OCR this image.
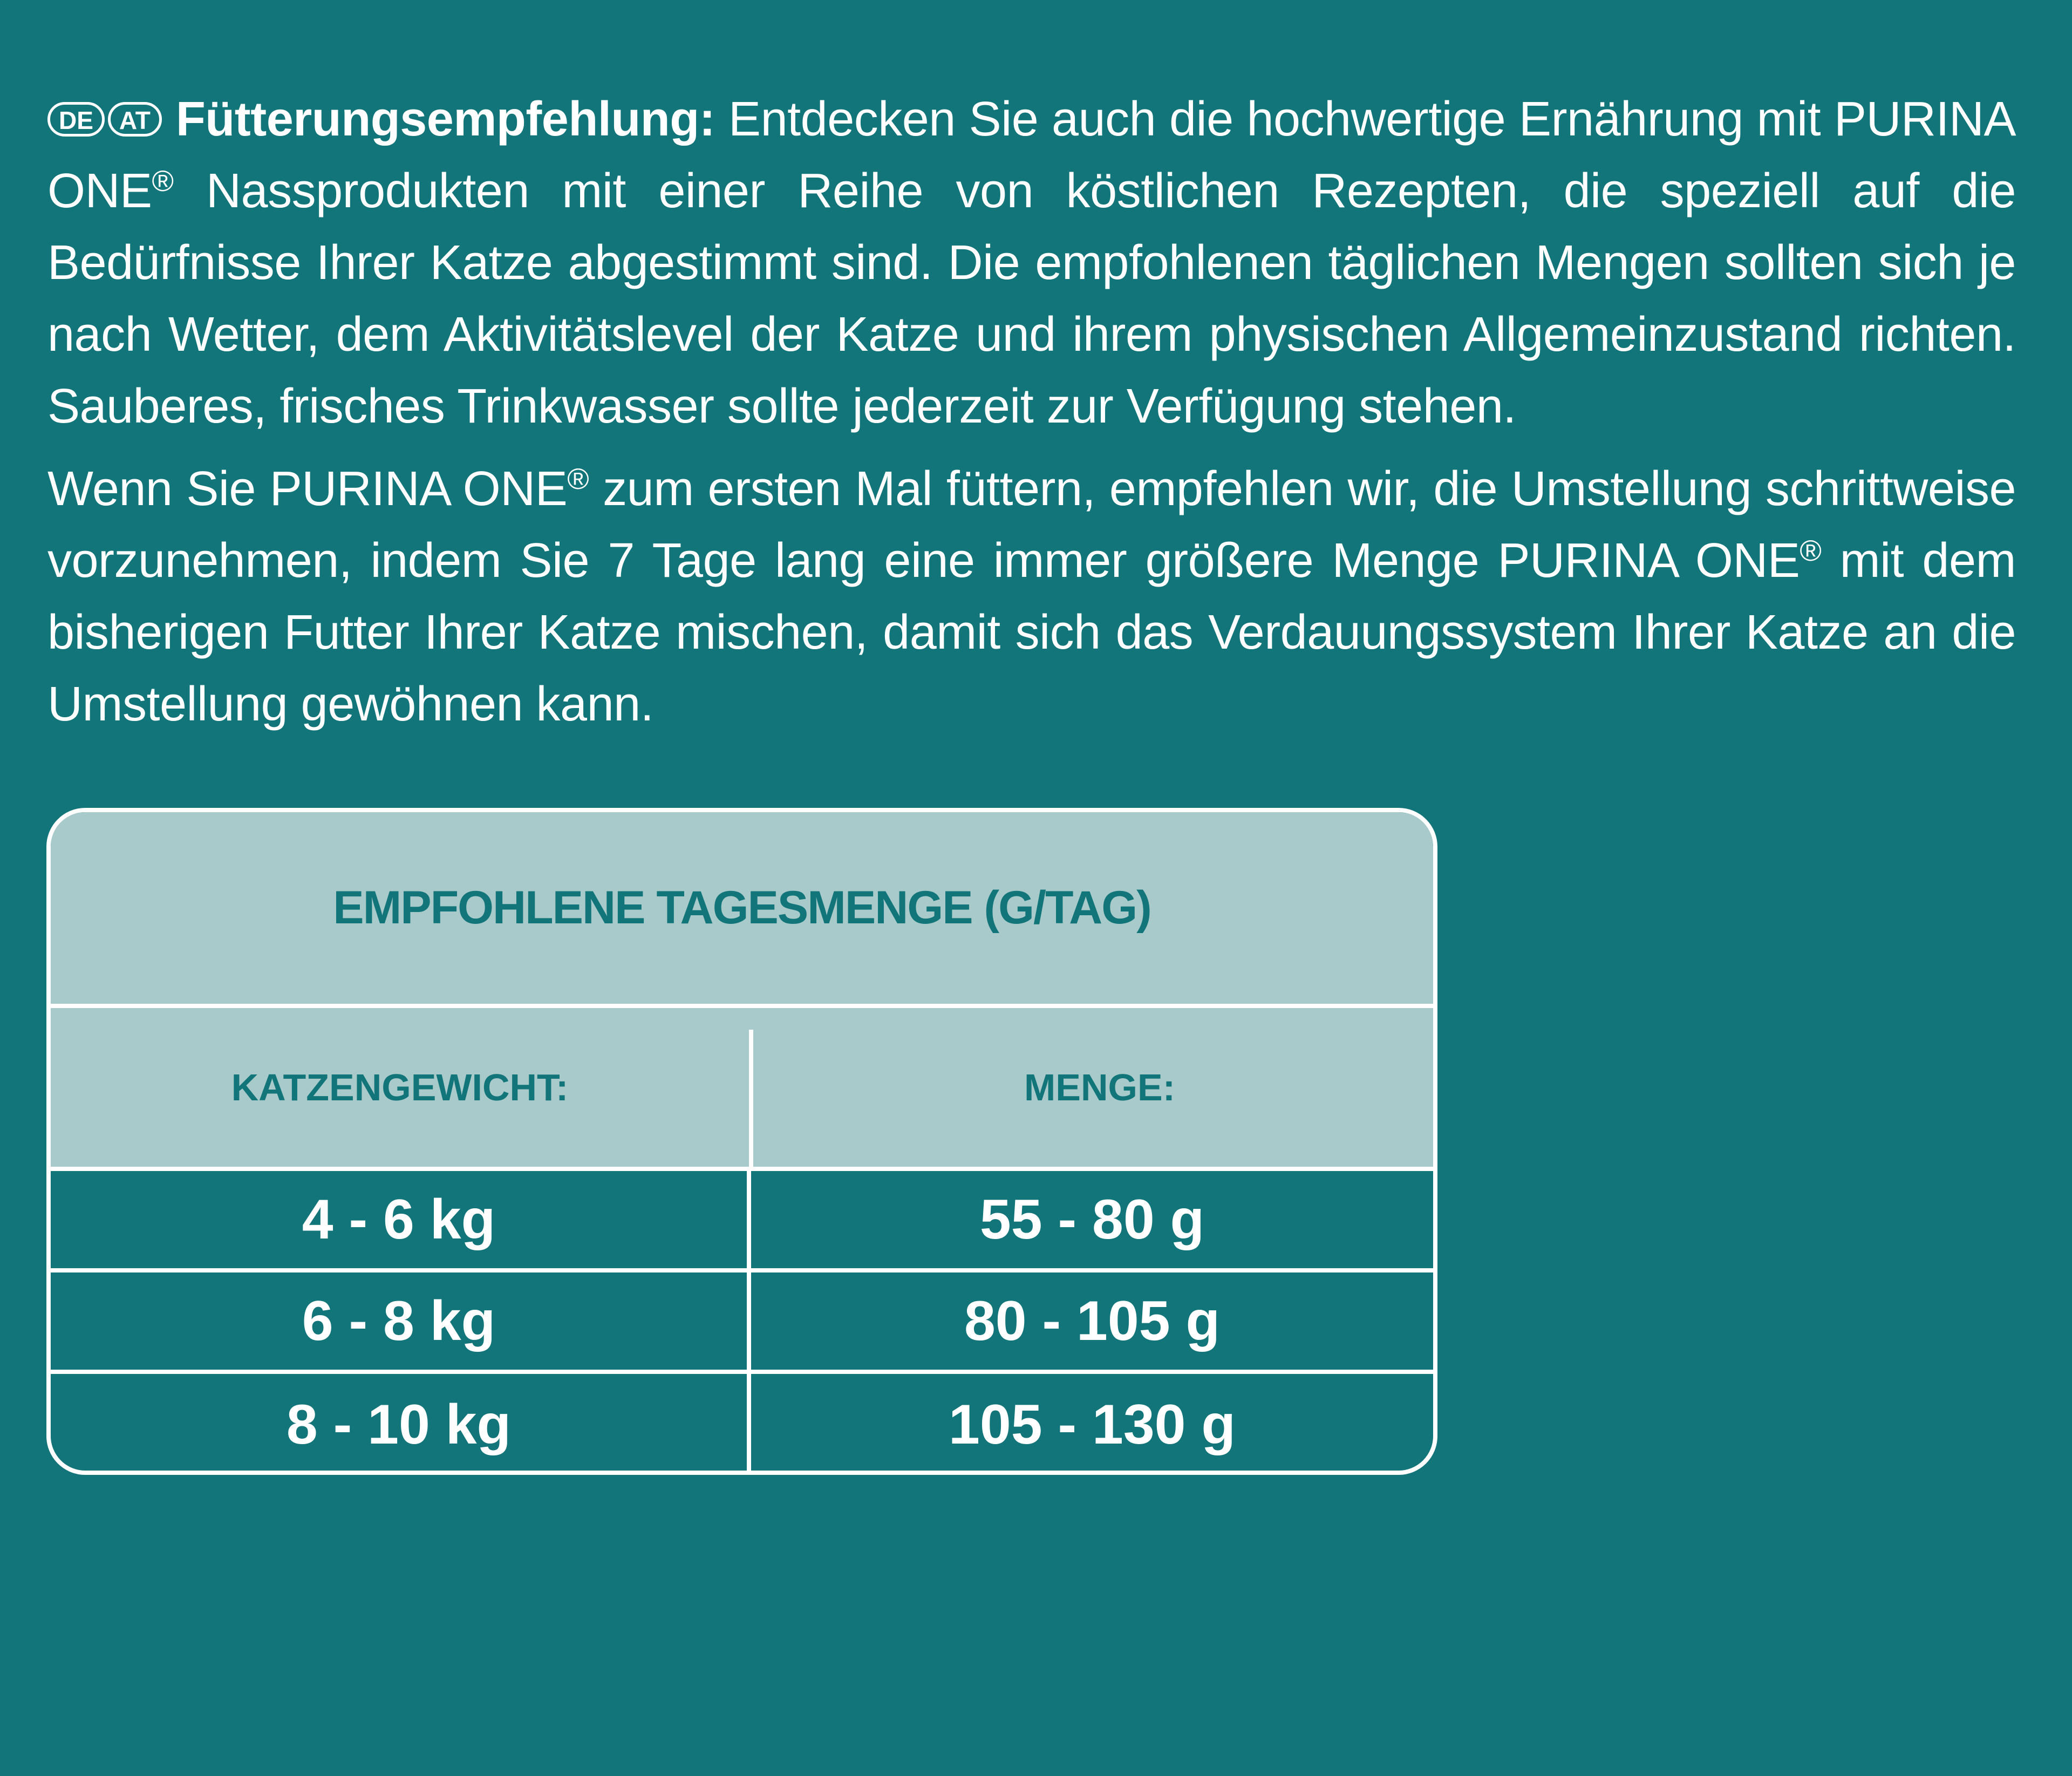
DE AT Fütterungsempfehlung: Entdecken Sie auch die hochwertige Ernährung mit PURINA ONE® Nassprodukten mit einer Reihe von köstlichen Rezepten, die speziell auf die Bedürfnisse Ihrer Katze abgestimmt sind. Die empfohlenen täglichen Mengen sollten sich je nach Wetter, dem Aktivitätslevel der Katze und ihrem physischen Allgemeinzustand richten. Sauberes, frisches Trinkwasser sollte jederzeit zur Verfügung stehen.

Wenn Sie PURINA ONE® zum ersten Mal füttern, empfehlen wir, die Umstellung schrittweise vorzunehmen, indem Sie 7 Tage lang eine immer größere Menge PURINA ONE® mit dem bisherigen Futter Ihrer Katze mischen, damit sich das Verdauungssystem Ihrer Katze an die Umstellung gewöhnen kann.

EMPFOHLENE TAGESMENGE (G/TAG)
KATZENGEWICHT:	MENGE:
4 - 6 kg	55 - 80 g
6 - 8 kg	80 - 105 g
8 - 10 kg	105 - 130 g
